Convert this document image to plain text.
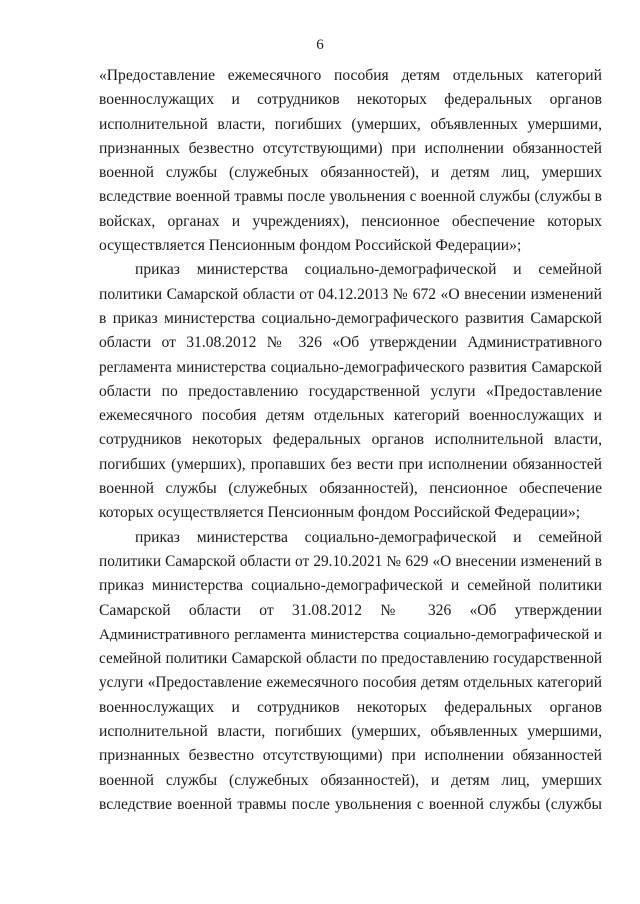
6
«Предоставление ежемесячного пособия детям отдельных категорий
военнослужащих и сотрудников некоторых федеральных органов
исполнительной власти, погибших (умерших, объявленных умершими,
признанных безвестно отсутствующими) при исполнении обязанностей
военной службы (служебных обязанностей), и детям лиц, умерших
вследствие военной травмы после увольнения с военной службы (службы в
войсках, органах и учреждениях), пенсионное обеспечение которых
осуществляется Пенсионным фондом Российской Федерации»;
приказ министерства социально-демографической и семейной
политики Самарской области от 04.12.2013 № 672 «О внесении изменений
в приказ министерства социально-демографического развития Самарской
области от 31.08.2012 № 326 «Об утверждении Административного
регламента министерства социально-демографического развития Самарской
области по предоставлению государственной услуги «Предоставление
ежемесячного пособия детям отдельных категорий военнослужащих и
сотрудников некоторых федеральных органов исполнительной власти,
погибших (умерших), пропавших без вести при исполнении обязанностей
военной службы (служебных обязанностей), пенсионное обеспечение
которых осуществляется Пенсионным фондом Российской Федерации»;
приказ министерства социально-демографической и семейной
политики Самарской области от 29.10.2021 № 629 «О внесении изменений в
приказ министерства социально-демографической и семейной политики
Самарской области от 31.08.2012 № 326 «Об утверждении
Административного регламента министерства социально-демографической и
семейной политики Самарской области по предоставлению государственной
услуги «Предоставление ежемесячного пособия детям отдельных категорий
военнослужащих и сотрудников некоторых федеральных органов
исполнительной власти, погибших (умерших, объявленных умершими,
признанных безвестно отсутствующими) при исполнении обязанностей
военной службы (служебных обязанностей), и детям лиц, умерших
вследствие военной травмы после увольнения с военной службы (службы
